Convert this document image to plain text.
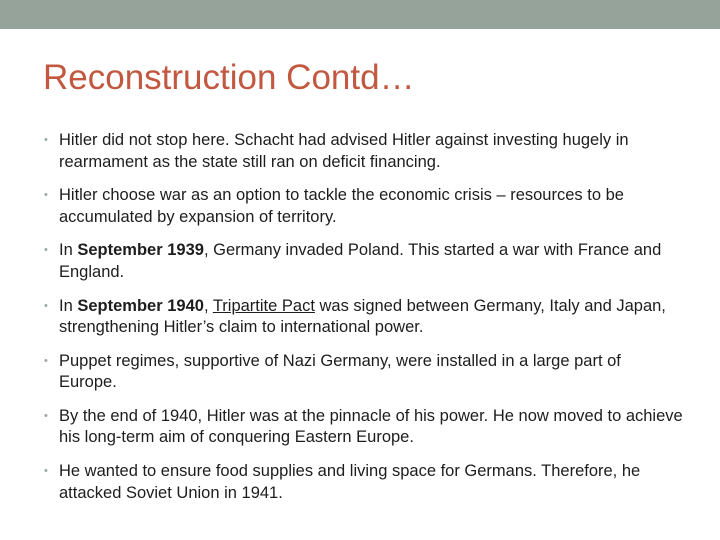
Reconstruction Contd…
• Hitler did not stop here. Schacht had advised Hitler against investing hugely in rearmament as the state still ran on deficit financing.
• Hitler choose war as an option to tackle the economic crisis – resources to be accumulated by expansion of territory.
• In September 1939, Germany invaded Poland. This started a war with France and England.
• In September 1940, Tripartite Pact was signed between Germany, Italy and Japan, strengthening Hitler’s claim to international power.
• Puppet regimes, supportive of Nazi Germany, were installed in a large part of Europe.
• By the end of 1940, Hitler was at the pinnacle of his power. He now moved to achieve his long-term aim of conquering Eastern Europe.
• He wanted to ensure food supplies and living space for Germans. Therefore, he attacked Soviet Union in 1941.
